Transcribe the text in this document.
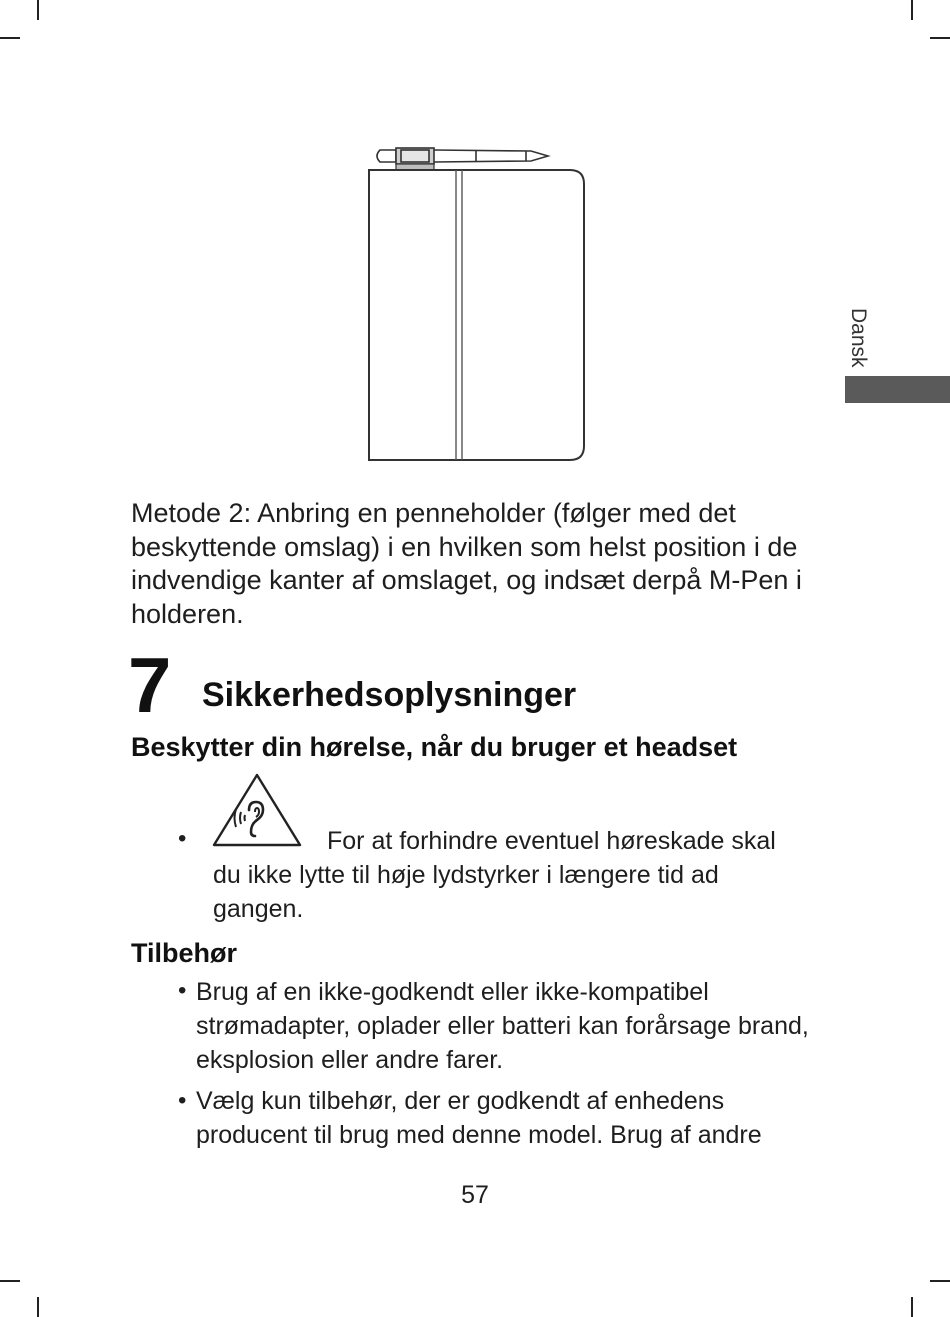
Dansk
Metode 2: Anbring en penneholder (følger med det
beskyttende omslag) i en hvilken som helst position i de
indvendige kanter af omslaget, og indsæt derpå M-Pen i
holderen.
7 Sikkerhedsoplysninger
Beskytter din hørelse, når du bruger et headset
•	For at forhindre eventuel høreskade skal
du ikke lytte til høje lydstyrker i længere tid ad
gangen.
Tilbehør
• Brug af en ikke-godkendt eller ikke-kompatibel
strømadapter, oplader eller batteri kan forårsage brand,
eksplosion eller andre farer.
• Vælg kun tilbehør, der er godkendt af enhedens
producent til brug med denne model. Brug af andre
57
